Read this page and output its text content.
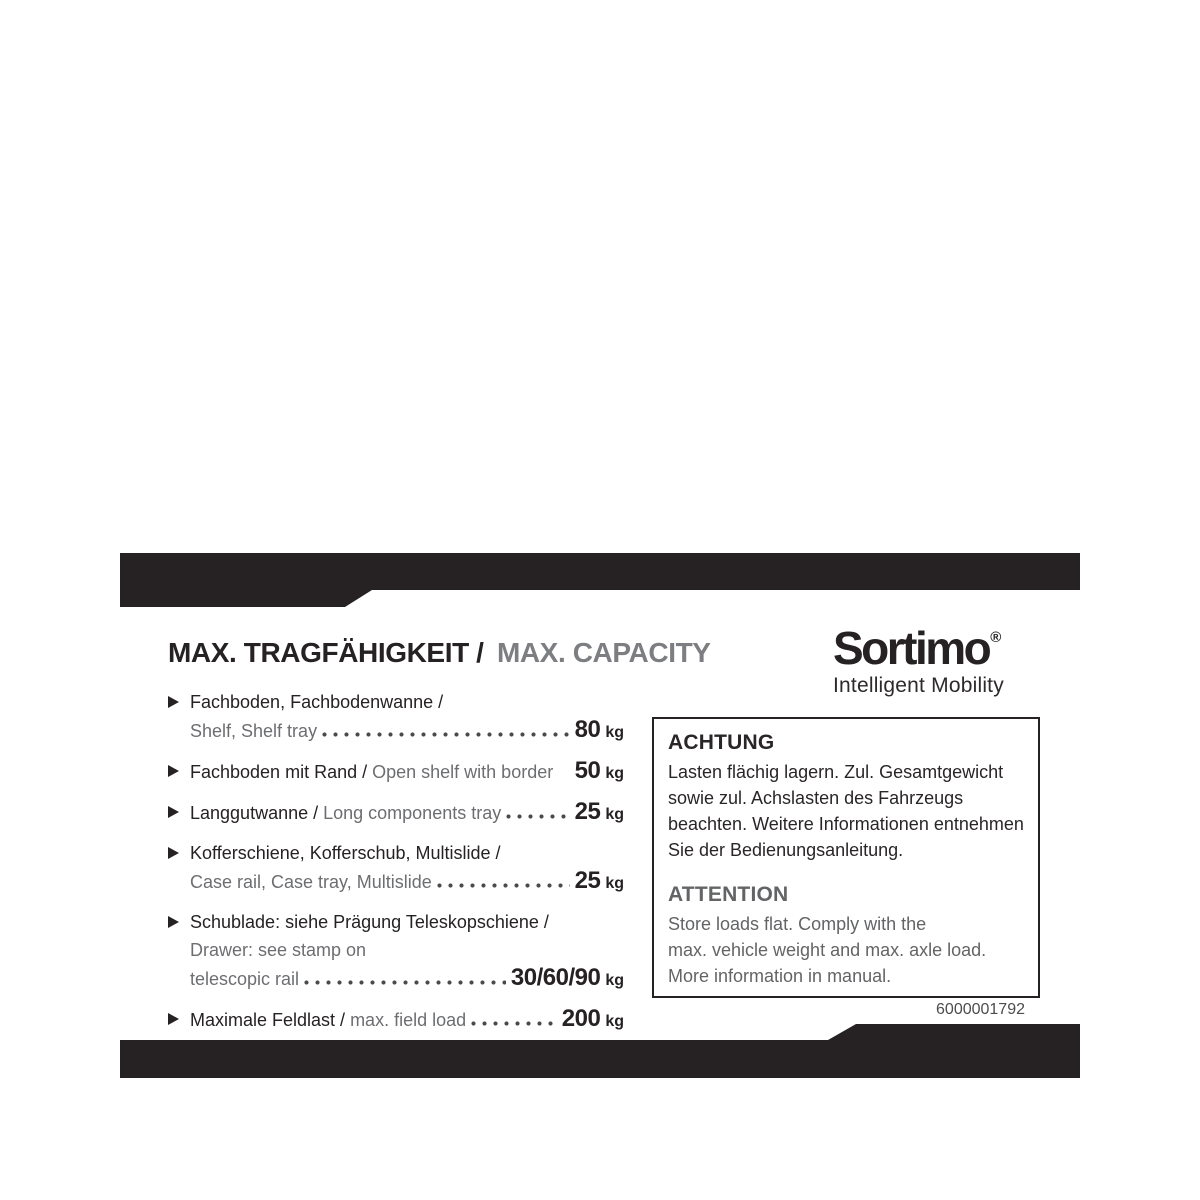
MAX. TRAGFÄHIGKEIT / MAX. CAPACITY	Sortimo®
Intelligent Mobility
Fachboden, Fachbodenwanne /
Shelf, Shelf tray	80 kg
Fachboden mit Rand / Open shelf with border 50 kg
Langgutwanne / Long components tray	25 kg
Kofferschiene, Kofferschub, Multislide /
Case rail, Case tray, Multislide	25 kg
Schublade: siehe Prägung Teleskopschiene /
Drawer: see stamp on
telescopic rail	30/60/90 kg
Maximale Feldlast / max. field load	200 kg
ACHTUNG
Lasten flächig lagern. Zul. Gesamtgewicht
sowie zul. Achslasten des Fahrzeugs
beachten. Weitere Informationen entnehmen
Sie der Bedienungsanleitung.
ATTENTION
Store loads flat. Comply with the
max. vehicle weight and max. axle load.
More information in manual.
6000001792
